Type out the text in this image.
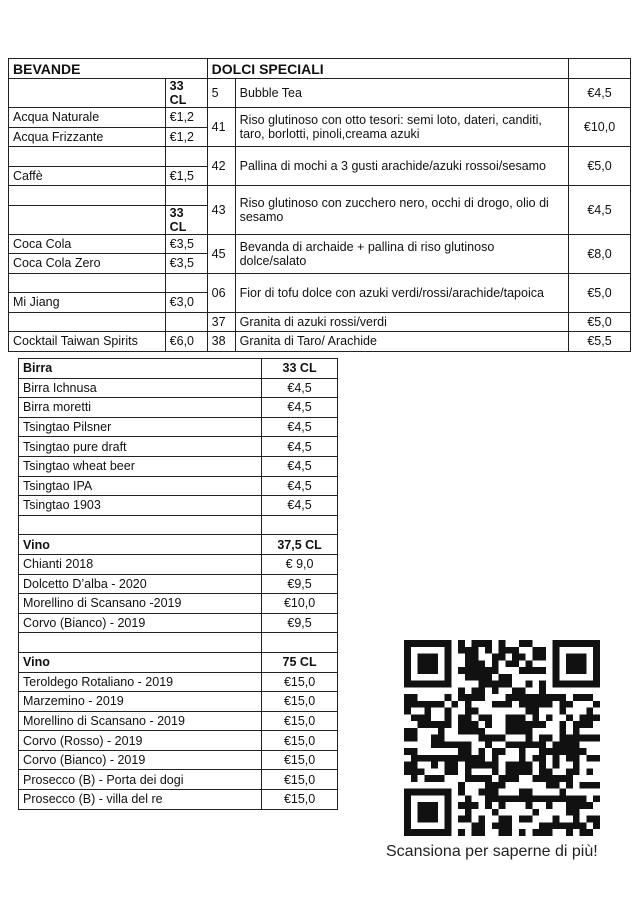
BEVANDE		DOLCI SPECIALI		
	33 CL	5	Bubble Tea	€4,5
Acqua Naturale	€1,2	41	Riso glutinoso con otto tesori: semi loto, dateri, canditi, taro, borlotti, pinoli,creama azuki	€10,0
Acqua Frizzante	€1,2			
		42	Pallina di mochi a 3 gusti arachide/azuki rossoi/sesamo	€5,0
Caffè	€1,5			
		43	Riso glutinoso con zucchero nero, occhi di drogo, olio di sesamo	€4,5
	33 CL			
Coca Cola	€3,5	45	Bevanda di archaide + pallina di riso glutinoso dolce/salato	€8,0
Coca Cola Zero	€3,5			
		06	Fior di tofu dolce con azuki verdi/rossi/arachide/tapoica	€5,0
Mi Jiang	€3,0			
		37	Granita di azuki rossi/verdi	€5,0
Cocktail Taiwan Spirits	€6,0	38	Granita di Taro/ Arachide	€5,5
Birra	33 CL
Birra Ichnusa	€4,5
Birra moretti	€4,5
Tsingtao Pilsner	€4,5
Tsingtao pure draft	€4,5
Tsingtao wheat beer	€4,5
Tsingtao IPA	€4,5
Tsingtao 1903	€4,5

Vino	37,5 CL
Chianti 2018	€ 9,0
Dolcetto D’alba - 2020	€9,5
Morellino di Scansano -2019	€10,0
Corvo (Bianco) - 2019	€9,5

Vino	75 CL
Teroldego Rotaliano - 2019	€15,0
Marzemino - 2019	€15,0
Morellino di Scansano - 2019	€15,0
Corvo (Rosso) - 2019	€15,0
Corvo (Bianco) - 2019	€15,0
Prosecco (B) - Porta dei dogi	€15,0
Prosecco (B) - villa del re	€15,0
Scansiona per saperne di più!
